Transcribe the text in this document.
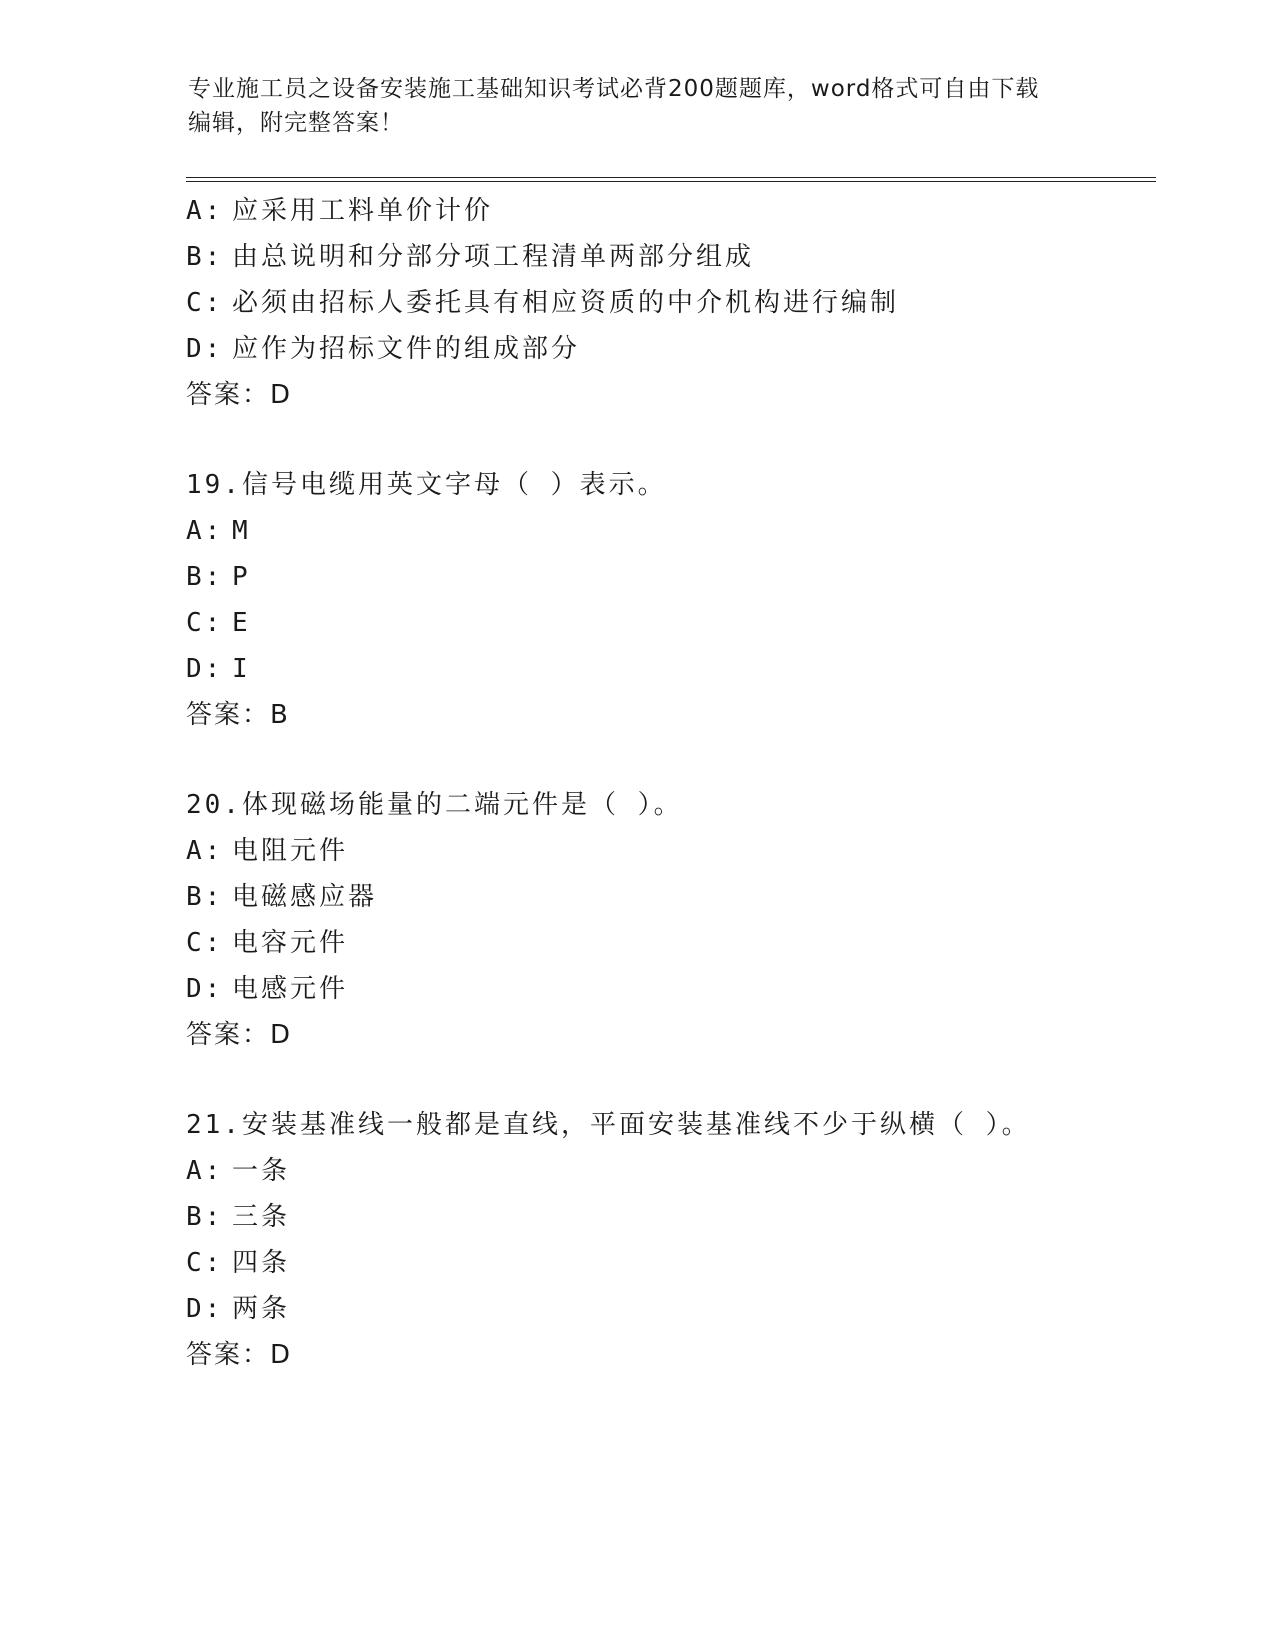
专业施工员之设备安装施工基础知识考试必背200题题库，word格式可自由下载
编辑，附完整答案！
A: 应采用工料单价计价
B: 由总说明和分部分项工程清单两部分组成
C: 必须由招标人委托具有相应资质的中介机构进行编制
D: 应作为招标文件的组成部分
答案：D
19.信号电缆用英文字母（ ）表示。
A: M
B: P
C: E
D: I
答案：B
20.体现磁场能量的二端元件是（ ）。
A: 电阻元件
B: 电磁感应器
C: 电容元件
D: 电感元件
答案：D
21.安装基准线一般都是直线，平面安装基准线不少于纵横（ ）。
A: 一条
B: 三条
C: 四条
D: 两条
答案：D
